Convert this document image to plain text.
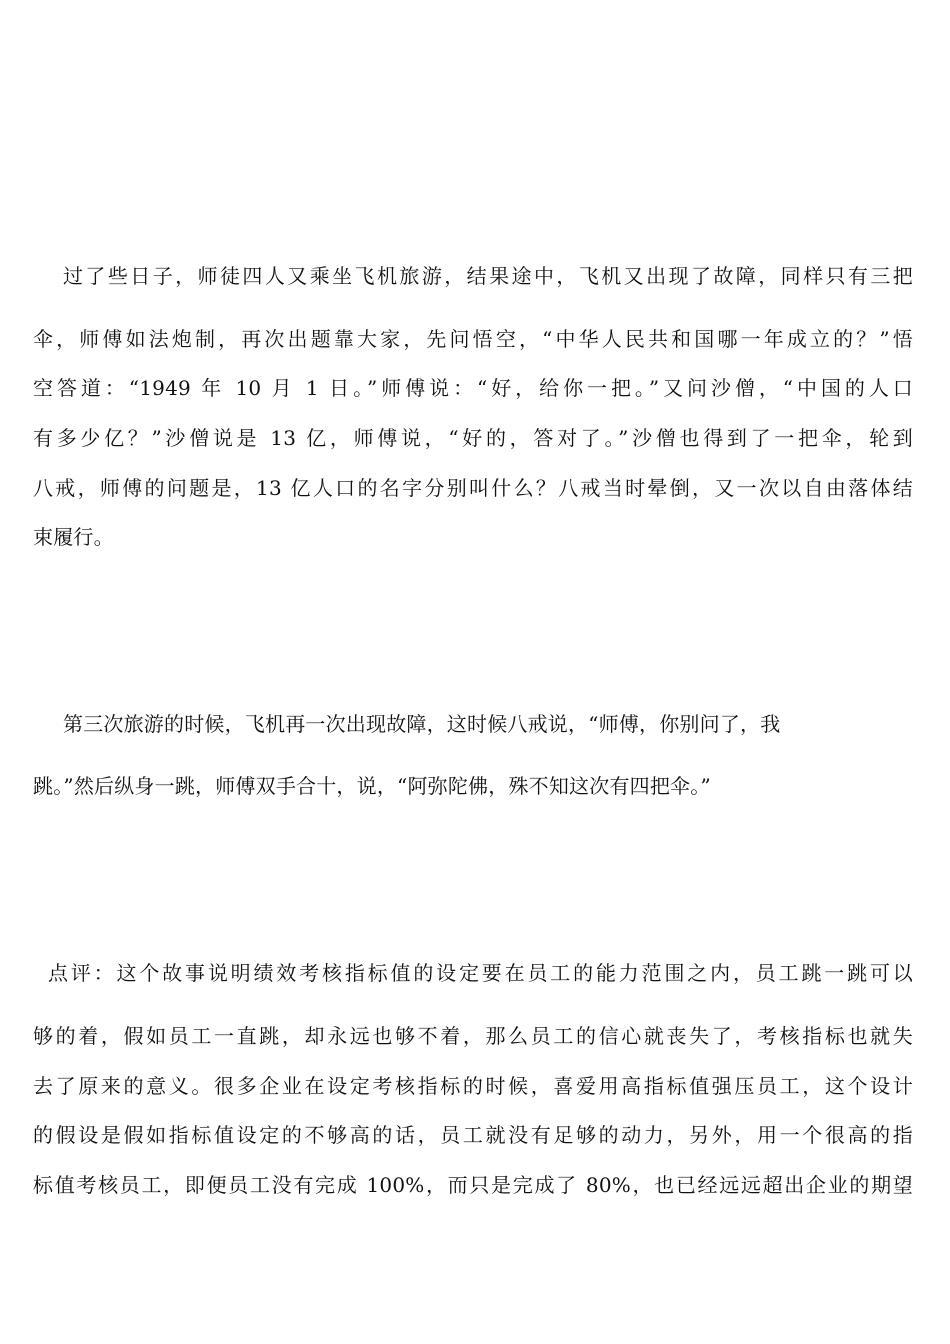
过了些日子，师徒四人又乘坐飞机旅游，结果途中，飞机又出现了故障，同样只有三把
伞，师傅如法炮制，再次出题靠大家，先问悟空，“中华人民共和国哪一年成立的？”悟
空答道：“1949 年 10 月 1 日。”师傅说：“好，给你一把。”又问沙僧，“中国的人口
有多少亿？”沙僧说是 13 亿，师傅说，“好的，答对了。”沙僧也得到了一把伞，轮到
八戒，师傅的问题是，13 亿人口的名字分别叫什么？八戒当时晕倒，又一次以自由落体结
束履行。
第三次旅游的时候，飞机再一次出现故障，这时候八戒说，“师傅，你别问了，我
跳。”然后纵身一跳，师傅双手合十，说，“阿弥陀佛，殊不知这次有四把伞。”
点评：这个故事说明绩效考核指标值的设定要在员工的能力范围之内，员工跳一跳可以
够的着，假如员工一直跳，却永远也够不着，那么员工的信心就丧失了，考核指标也就失
去了原来的意义。很多企业在设定考核指标的时候，喜爱用高指标值强压员工，这个设计
的假设是假如指标值设定的不够高的话，员工就没有足够的动力，另外，用一个很高的指
标值考核员工，即便员工没有完成 100%，而只是完成了 80%，也已经远远超出企业的期望
